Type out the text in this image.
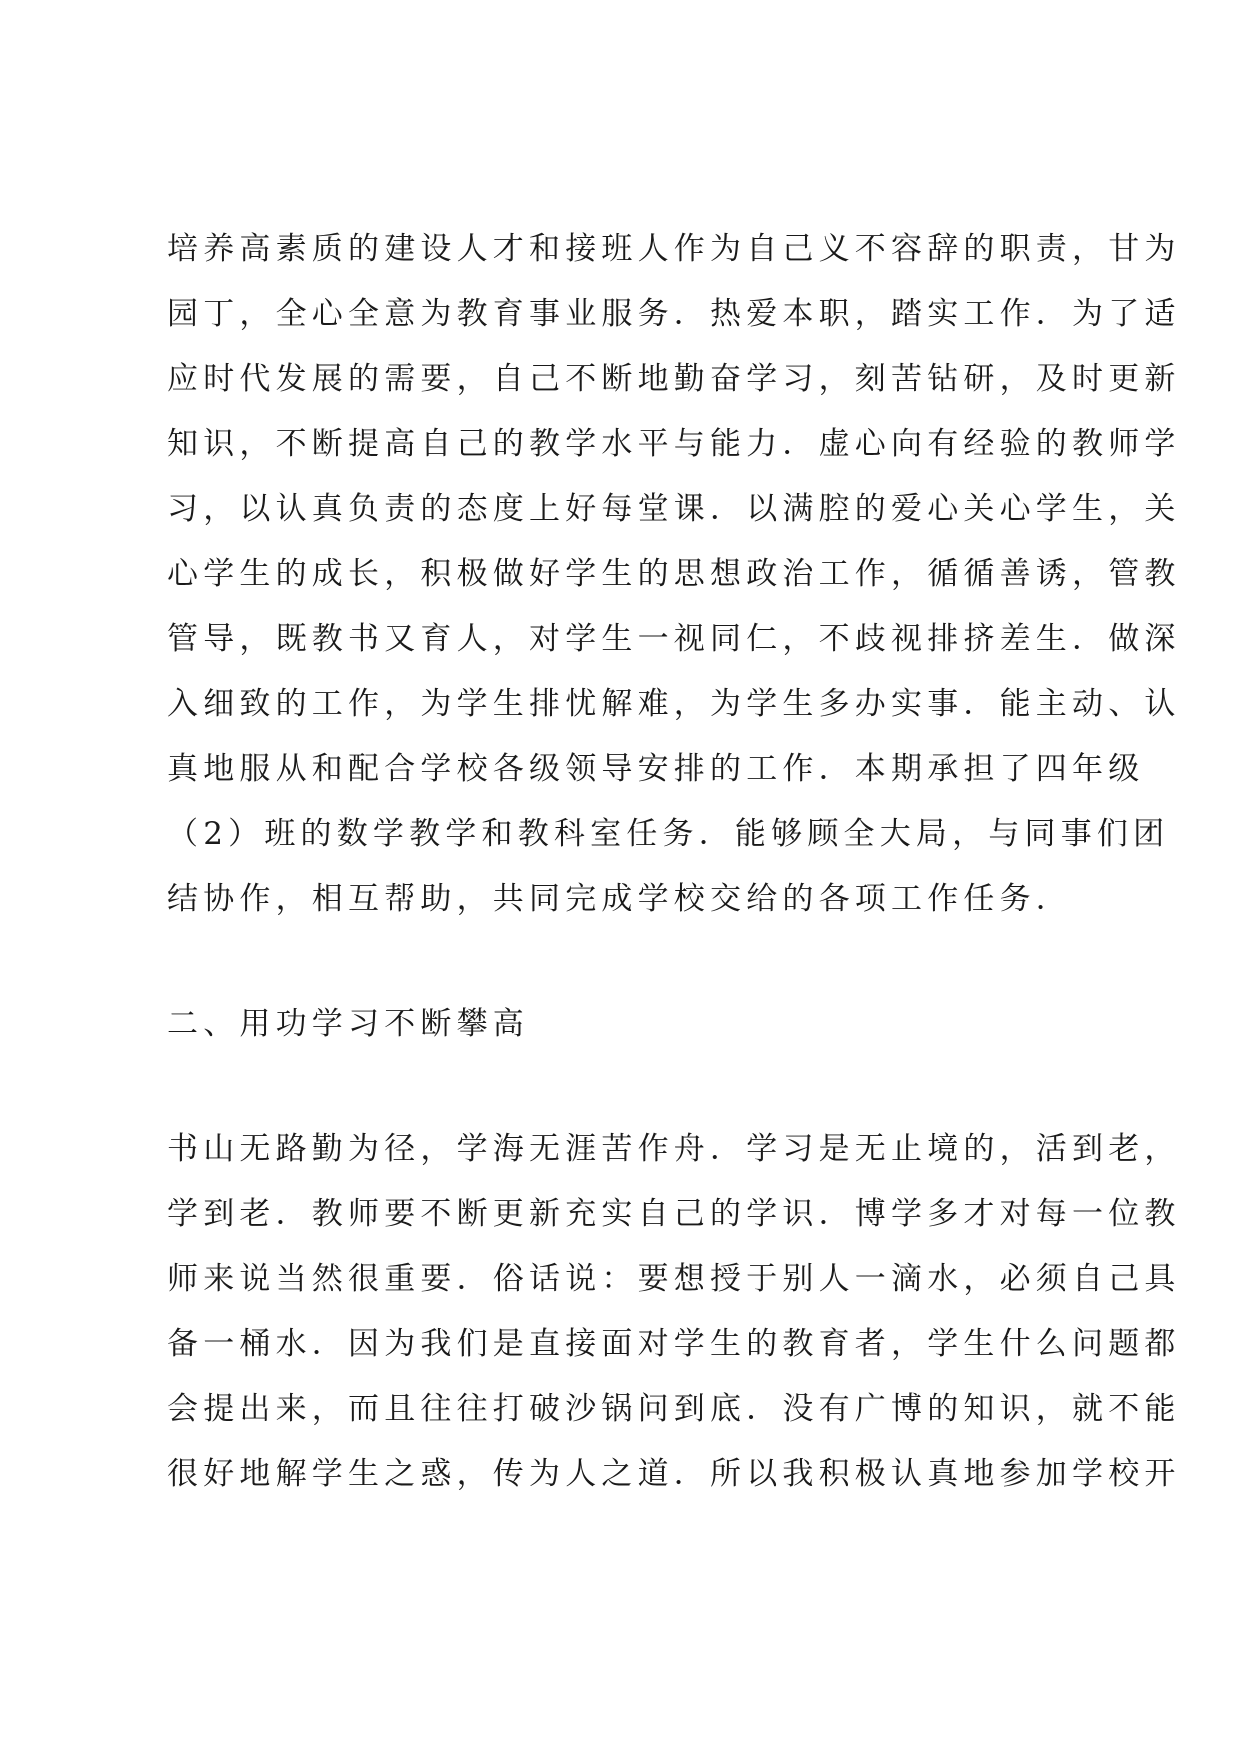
培养高素质的建设人才和接班人作为自己义不容辞的职责，甘为
园丁，全心全意为教育事业服务．热爱本职，踏实工作．为了适
应时代发展的需要，自己不断地勤奋学习，刻苦钻研，及时更新
知识，不断提高自己的教学水平与能力．虚心向有经验的教师学
习，以认真负责的态度上好每堂课．以满腔的爱心关心学生，关
心学生的成长，积极做好学生的思想政治工作，循循善诱，管教
管导，既教书又育人，对学生一视同仁，不歧视排挤差生．做深
入细致的工作，为学生排忧解难，为学生多办实事．能主动、认
真地服从和配合学校各级领导安排的工作．本期承担了四年级
（2）班的数学教学和教科室任务．能够顾全大局，与同事们团
结协作，相互帮助，共同完成学校交给的各项工作任务．
二、用功学习不断攀高
书山无路勤为径，学海无涯苦作舟．学习是无止境的，活到老，
学到老．教师要不断更新充实自己的学识．博学多才对每一位教
师来说当然很重要．俗话说：要想授于别人一滴水，必须自己具
备一桶水．因为我们是直接面对学生的教育者，学生什么问题都
会提出来，而且往往打破沙锅问到底．没有广博的知识，就不能
很好地解学生之惑，传为人之道．所以我积极认真地参加学校开
